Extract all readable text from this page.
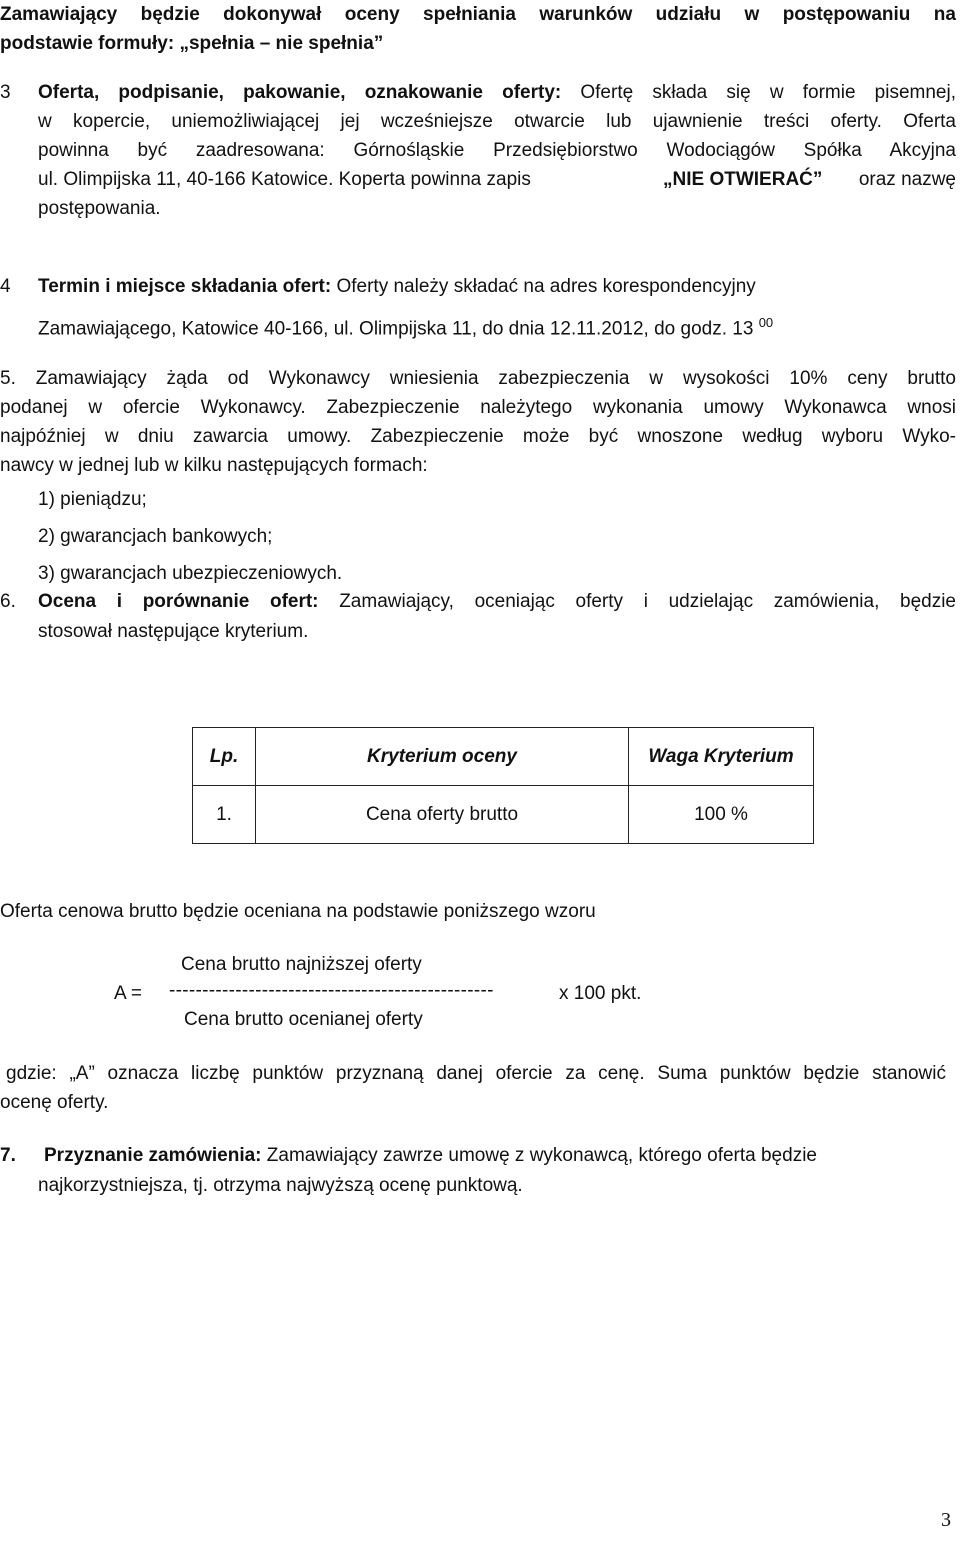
Zamawiający będzie dokonywał oceny spełniania warunków udziału w postępowaniu na
podstawie formuły: „spełnia – nie spełnia”
3 Oferta, podpisanie, pakowanie, oznakowanie oferty: Ofertę składa się w formie pisemnej,
w kopercie, uniemożliwiającej jej wcześniejsze otwarcie lub ujawnienie treści oferty. Oferta
powinna być zaadresowana: Górnośląskie Przedsiębiorstwo Wodociągów Spółka Akcyjna
ul. Olimpijska 11, 40-166 Katowice. Koperta powinna zapis	„NIE OTWIERAĆ” oraz nazwę
postępowania.
4 Termin i miejsce składania ofert: Oferty należy składać na adres korespondencyjny
Zamawiającego, Katowice 40-166, ul. Olimpijska 11, do dnia 12.11.2012, do godz. 13 $^{00}$
5. Zamawiający żąda od Wykonawcy wniesienia zabezpieczenia w wysokości 10% ceny brutto
podanej w ofercie Wykonawcy. Zabezpieczenie należytego wykonania umowy Wykonawca wnosi
najpóźniej w dniu zawarcia umowy. Zabezpieczenie może być wnoszone według wyboru Wyko-
nawcy w jednej lub w kilku następujących formach:
1) pieniądzu;
2) gwarancjach bankowych;
3) gwarancjach ubezpieczeniowych.
6. Ocena i porównanie ofert: Zamawiający, oceniając oferty i udzielając zamówienia, będzie
stosował następujące kryterium.
Lp.	Kryterium oceny	Waga Kryterium
1.	Cena oferty brutto	100 %
Oferta cenowa brutto będzie oceniana na podstawie poniższego wzoru
Cena brutto najniższej oferty
A = -------------------------------------------------	x 100 pkt.
Cena brutto ocenianej oferty
gdzie: „A” oznacza liczbę punktów przyznaną danej ofercie za cenę. Suma punktów będzie stanowić
ocenę oferty.
7. Przyznanie zamówienia: Zamawiający zawrze umowę z wykonawcą, którego oferta będzie
najkorzystniejsza, tj. otrzyma najwyższą ocenę punktową.
3
